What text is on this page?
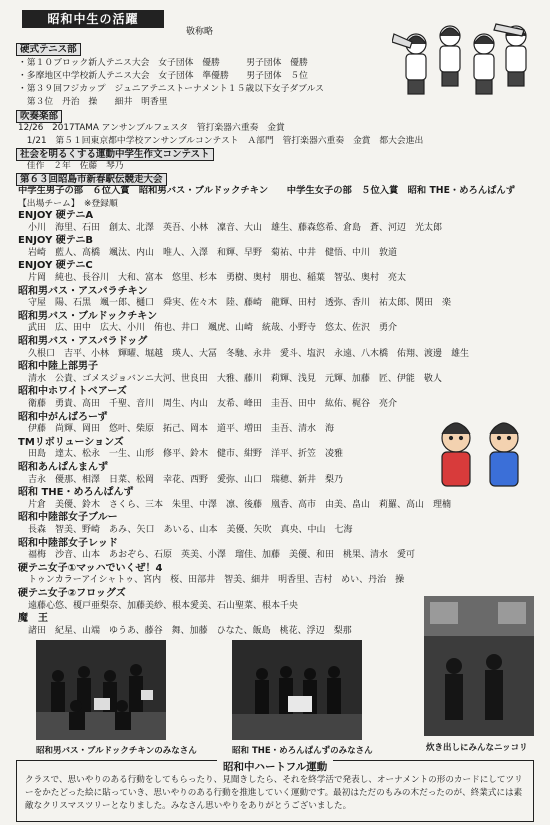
昭和中生の活躍
敬称略
硬式テニス部
・第１０ブロック新人テニス大会　女子団体　優勝　　　男子団体　優勝
・多摩地区中学校新人テニス大会　女子団体　準優勝　　男子団体　５位
・第３９回フジカップ　ジュニアテニストーナメント１５歳以下女子ダブルス
　第３位　丹治　操　　細井　明香里
吹奏楽部
12/26　2017TAMA アンサンブルフェスタ　管打楽器六重奏　金賞
　1/21　第５１回東京都中学校アンサンブルコンテスト　Ａ部門　管打楽器六重奏　金賞　都大会進出
社会を明るくする運動中学生作文コンテスト
　佳作　２年　佐藤　琴乃
第６３回昭島市新春駅伝競走大会
中学生男子の部　６位入賞　昭和男バス・ブルドックチキン　　中学生女子の部　５位入賞　昭和 THE・めろんぱんず
【出場チーム】　※登録順
ENJOY 硬テニA
小川　海里、石田　創太、北澤　英吾、小林　凜音、大山　雄生、藤森悠希、倉島　蒼、河辺　光太郎
ENJOY 硬テニB
岩崎　藍人、高橋　颯汰、内山　唯人、入澤　和輝、早野　菊祐、中井　健悟、中川　敦道
ENJOY 硬テニC
片岡　純也、長谷川　大和、富本　悠里、杉本　勇樹、奥村　朋也、稲葉　智弘、奥村　亮太
昭和男バス・アスパラチキン
守屋　陽、石黒　颯一郎、樋口　舜実、佐々木　陸、藤崎　龍輝、田村　透弥、香川　祐太郎、関田　楽
昭和男バス・ブルドックチキン
武田　広、田中　広大、小川　侑也、井口　颯虎、山崎　統哉、小野寺　悠太、佐沢　勇介
昭和男バス・アスパラドッグ
久根口　吉平、小林　輝曜、堀越　瑛人、大冨　冬馳、永井　愛斗、塩沢　永遠、八木橋　佑翔、渡邊　雄生
昭和中陸上部男子
清水　公貴、ゴメスジョバンニ大河、世良田　大雅、藤川　莉輝、浅見　元輝、加藤　匠、伊能　敬人
昭和中ホワイトベアーズ
衛藤　勇貴、高田　千聖、音川　周生、内山　友希、峰田　圭吾、田中　紘佑、梶谷　亮介
昭和中がんばろーず
伊藤　尚輝、岡田　悠叶、柴原　拓己、岡本　道平、増田　圭吾、清水　海
TMリボリューションズ
田島　達太、松永　一生、山形　修平、鈴木　健市、紺野　洋平、折笠　凌雅
昭和あんぱんまんず
吉永　優那、相澤　日菜、松岡　幸花、西野　愛弥、山口　瑞穂、新井　梨乃
昭和 THE・めろんぱんず
片倉　美優、鈴木　さくら、三本　朱里、中澤　凛、後藤　凰香、高市　由美、畠山　莉羅、高山　理楠
昭和中陸部女子ブルー
長森　智美、野崎　あみ、矢口　あいる、山本　美優、矢吹　真央、中山　七海
昭和中陸部女子レッド
福梅　沙音、山本　あおぞら、石原　英美、小澤　瑠佳、加藤　美優、和田　桃果、清水　愛可
硬テニ女子①マッハでいくぜ！4
トゥンカラーアイシャトゥ、宮内　桜、田部井　智美、細井　明香里、吉村　めい、丹治　操
硬テニ女子②フロッグズ
遠藤心悠、榎戸亜梨奈、加藤美紗、根本愛美、石山聖菜、根本千央
魔　王
諸田　紀星、山端　ゆうあ、藤谷　舞、加藤　ひなた、飯島　桃花、浮辺　梨那
昭和男バス・ブルドックチキンのみなさん	昭和 THE・めろんぱんずのみなさん	炊き出しにみんなニッコリ
昭和中ハートフル運動
クラスで、思いやりのある行動をしてもらったり、見聞きしたら、それを終学活で発表し、オーナメントの形のカードにしてツリーをかたどった絵に貼っていき、思いやりのある行動を推進していく運動です。最初はただのもみの木だったのが、終業式には素敵なクリスマスツリーとなりました。みなさん思いやりをありがとうございました。
